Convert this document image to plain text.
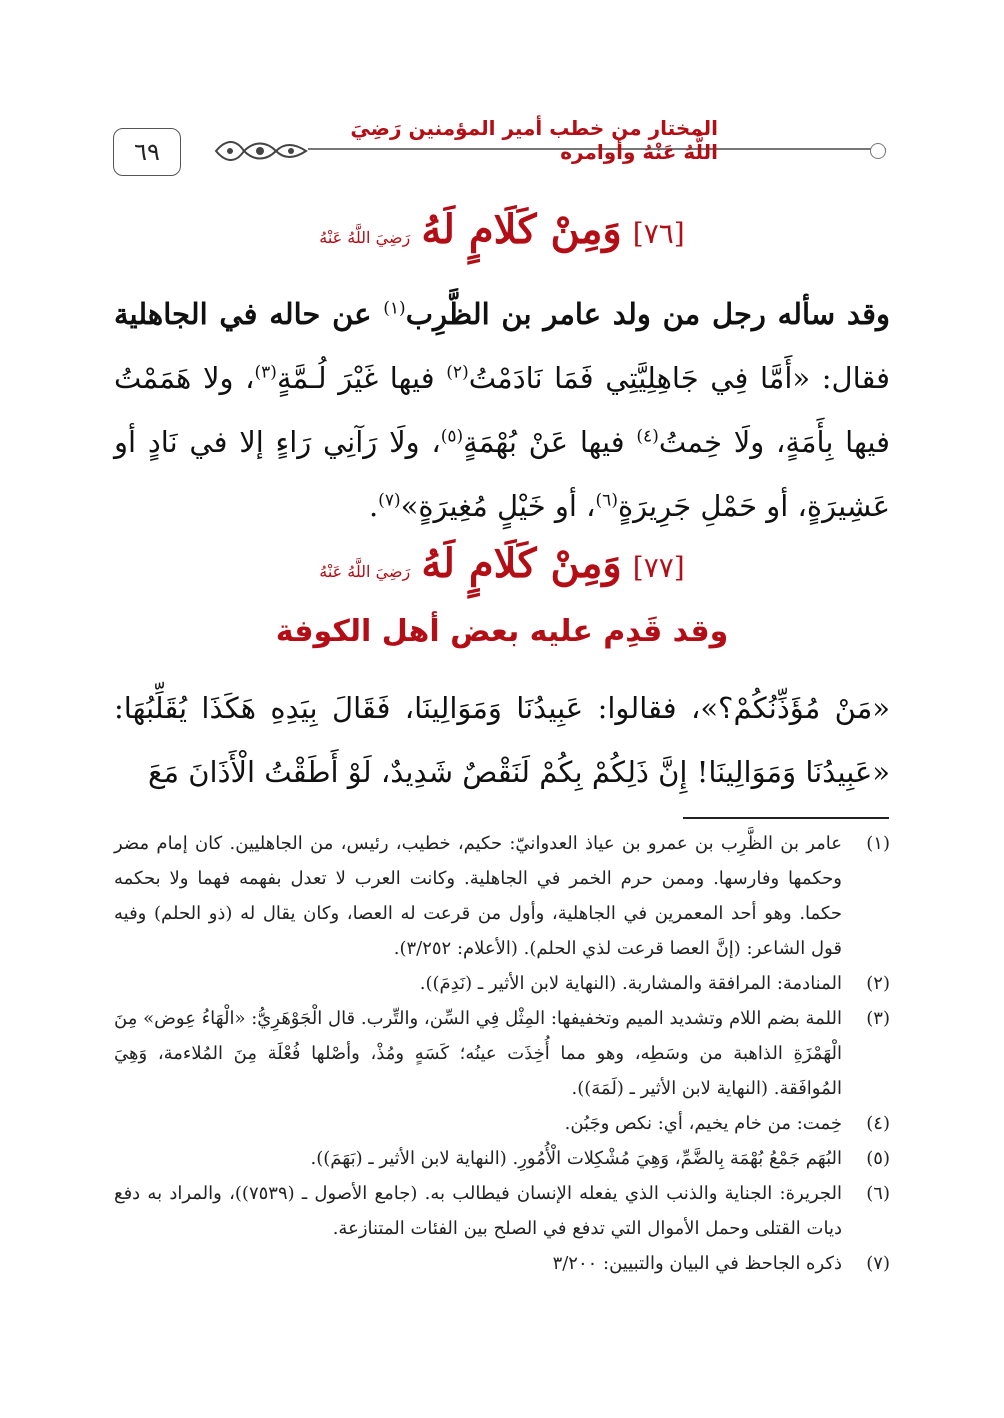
٦٩
المختار من خطب أمير المؤمنين رَضِيَ اللَّهُ عَنْهُ وأوامره
[٧٦] وَمِنْ كَلَامٍ لَهُ رَضِيَ اللَّهُ عَنْهُ
وقد سأله رجل من ولد عامر بن الظَّرِب$^{(١)}$ عن حاله في الجاهلية فقال: «أَمَّا فِي جَاهِلِيَّتِي فَمَا نَادَمْتُ$^{(٢)}$ فيها غَيْرَ لُـمَّةٍ$^{(٣)}$، ولا هَمَمْتُ فيها بِأَمَةٍ، ولَا خِمتُ$^{(٤)}$ فيها عَنْ بُهْمَةٍ$^{(٥)}$، ولَا رَآنِي رَاءٍ إلا في نَادٍ أو عَشِيرَةٍ، أو حَمْلِ جَرِيرَةٍ$^{(٦)}$، أو خَيْلٍ مُغِيرَةٍ»$^{(٧)}$.
[٧٧] وَمِنْ كَلَامٍ لَهُ رَضِيَ اللَّهُ عَنْهُ
وقد قَدِم عليه بعض أهل الكوفة
«مَنْ مُؤَذِّنُكُمْ؟»، فقالوا: عَبِيدُنَا وَمَوَالِينَا، فَقَالَ بِيَدِهِ هَكَذَا يُقَلِّبُهَا: «عَبِيدُنَا وَمَوَالِينَا! إِنَّ ذَلِكُمْ بِكُمْ لَنَقْصٌ شَدِيدٌ، لَوْ أَطَقْتُ الْأَذَانَ مَعَ
(١)
عامر بن الظَّرِب بن عمرو بن عياذ العدوانيّ: حكيم، خطيب، رئيس، من الجاهليين. كان إمام مضر وحكمها وفارسها. وممن حرم الخمر في الجاهلية. وكانت العرب لا تعدل بفهمه فهما ولا بحكمه حكما. وهو أحد المعمرين في الجاهلية، وأول من قرعت له العصا، وكان يقال له (ذو الحلم) وفيه قول الشاعر: (إنَّ العصا قرعت لذي الحلم). (الأعلام: ٣/٢٥٢).
(٢)
المنادمة: المرافقة والمشاربة. (النهاية لابن الأثير ـ (نَدِمَ)).
(٣)
اللمة بضم اللام وتشديد الميم وتخفيفها: المِثْل فِي السِّن، والتِّرب. قال الْجَوْهَرِيُّ: «الْهَاءُ عِوض» مِنَ الْهَمْزَةِ الذاهبة من وسَطِه، وهو مما أُخِذَت عينُه؛ كَسَهٍ ومُذْ، وأصْلها فُعْلَة مِنَ المُلاءمة، وَهِيَ المُوافَقة. (النهاية لابن الأثير ـ (لَمَهَ)).
(٤)
خِمت: من خام يخيم، أي: نكص وجَبُن.
(٥)
البُهَم جَمْعُ بُهْمَة بِالضَّمِّ، وَهِيَ مُشْكِلات الْأُمُورِ. (النهاية لابن الأثير ـ (بَهَمَ)).
(٦)
الجريرة: الجناية والذنب الذي يفعله الإنسان فيطالب به. (جامع الأصول ـ (٧٥٣٩))، والمراد به دفع ديات القتلى وحمل الأموال التي تدفع في الصلح بين الفئات المتنازعة.
(٧)
ذكره الجاحظ في البيان والتبيين: ٣/٢٠٠
